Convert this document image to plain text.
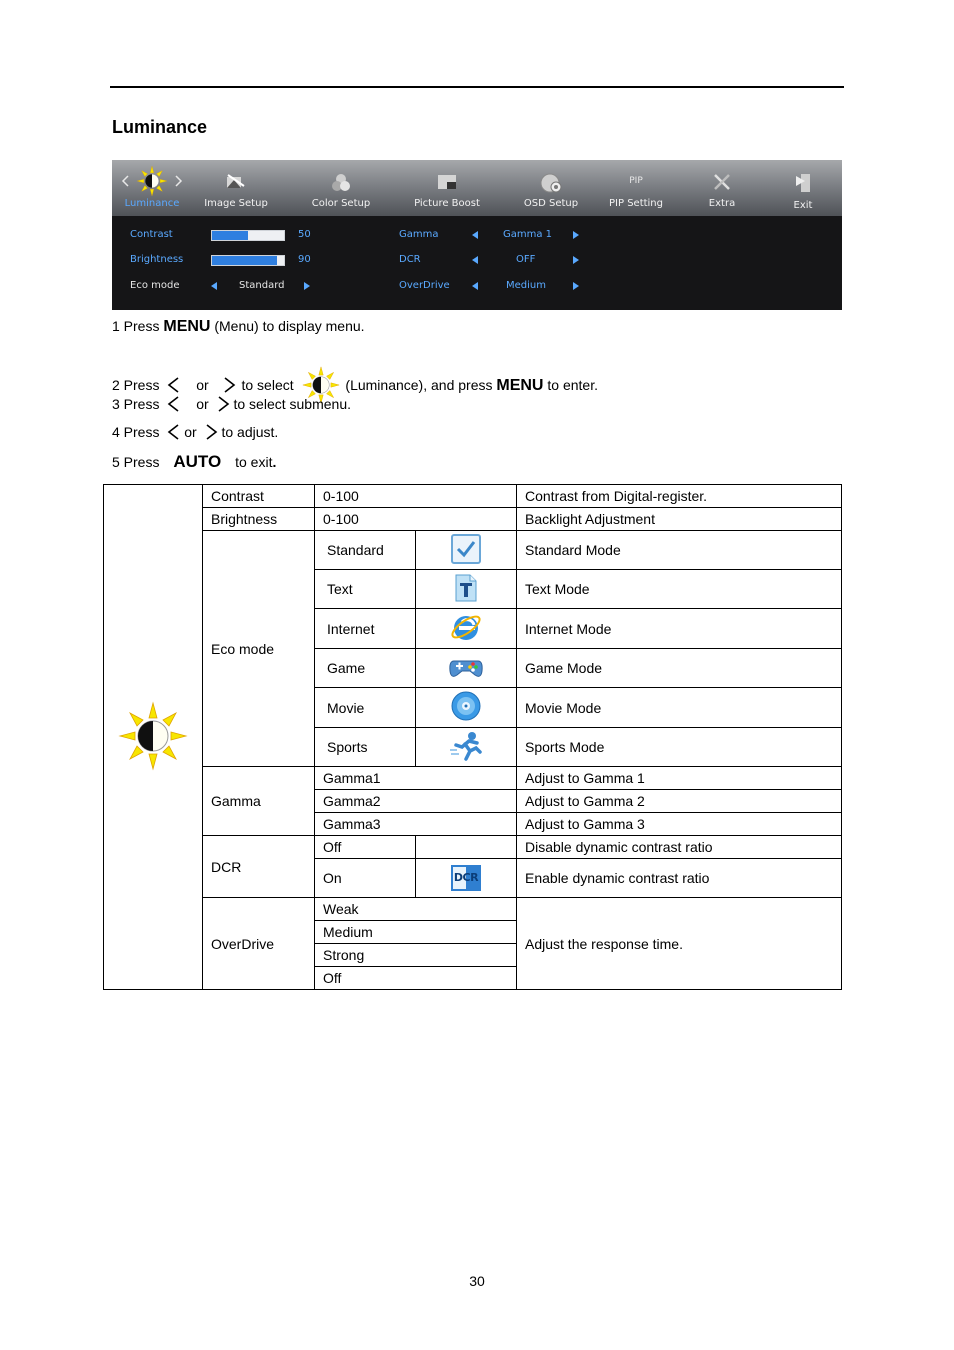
Luminance
Luminance	Image Setup	Color Setup	Picture Boost	OSD Setup
PIP
PIP Setting	Extra	Exit
Contrast	50
Brightness	90
Eco mode	Standard
Gamma	Gamma 1
DCR	OFF
OverDrive	Medium
1 Press MENU (Menu) to display menu.
2 Press	or to select	(Luminance), and press MENU to enter.
3 Press	or to select submenu.
4 Press or to adjust.
5 Press AUTO to exit.
	Contrast	0-100		Contrast from Digital-register.
	Brightness	0-100		Backlight Adjustment
	Eco mode	Standard		Standard Mode
		Text		Text Mode
		Internet		Internet Mode
		Game		Game Mode
		Movie		Movie Mode
		Sports		Sports Mode
	Gamma	Gamma1		Adjust to Gamma 1
		Gamma2		Adjust to Gamma 2
		Gamma3		Adjust to Gamma 3
	DCR	Off		Disable dynamic contrast ratio
		On	DCR	Enable dynamic contrast ratio
	OverDrive	Weak		Adjust the response time.
		Medium		
		Strong		
		Off		
30
